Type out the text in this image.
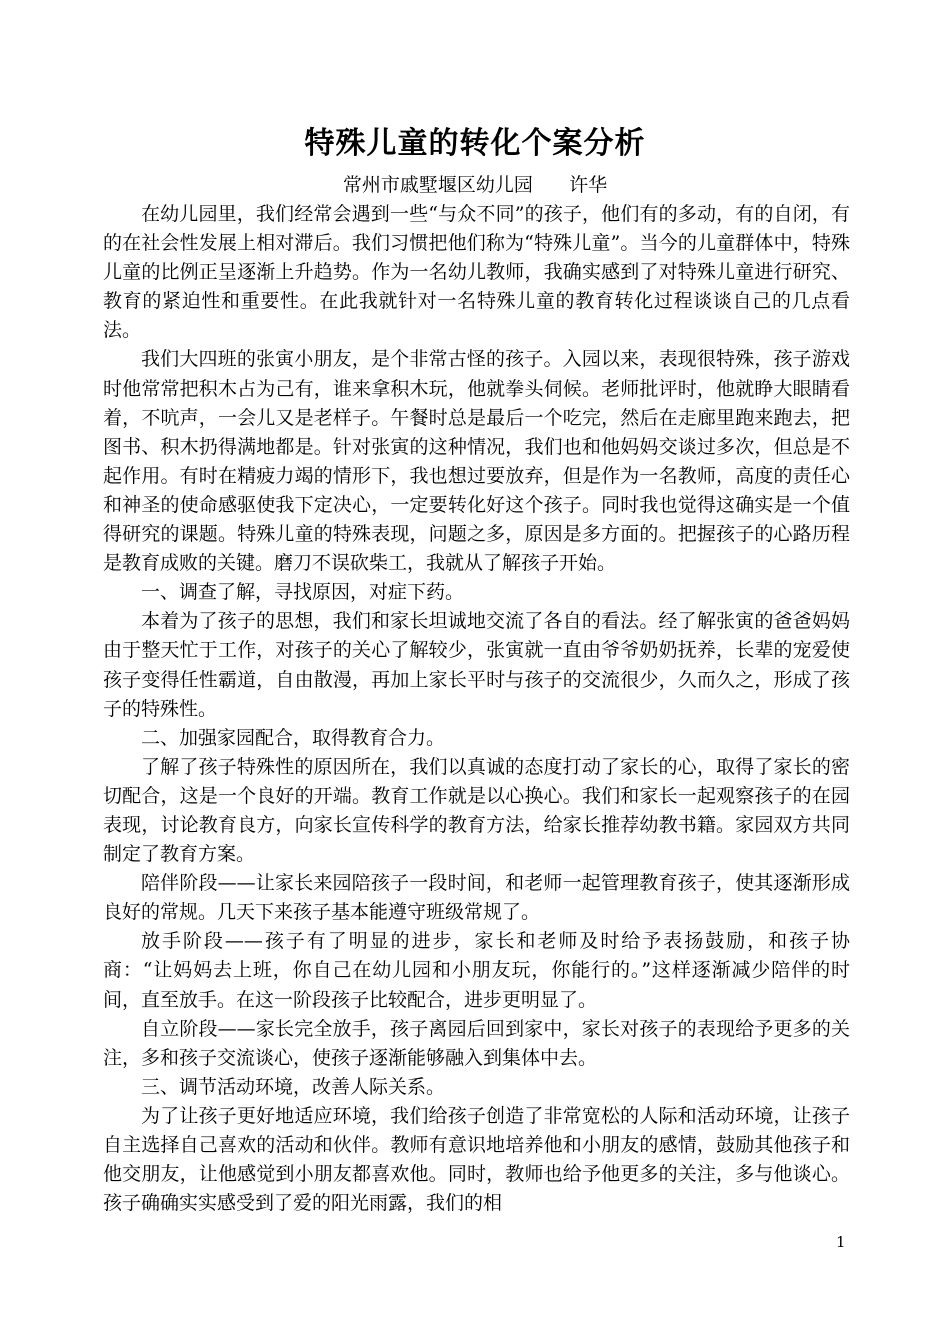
特殊儿童的转化个案分析
常州市戚墅堰区幼儿园      许华

在幼儿园里，我们经常会遇到一些“与众不同”的孩子，他们有的多动，有的自闭，有的在社会性发展上相对滞后。我们习惯把他们称为“特殊儿童”。当今的儿童群体中，特殊儿童的比例正呈逐渐上升趋势。作为一名幼儿教师，我确实感到了对特殊儿童进行研究、教育的紧迫性和重要性。在此我就针对一名特殊儿童的教育转化过程谈谈自己的几点看法。

我们大四班的张寅小朋友，是个非常古怪的孩子。入园以来，表现很特殊，孩子游戏时他常常把积木占为己有，谁来拿积木玩，他就拳头伺候。老师批评时，他就睁大眼睛看着，不吭声，一会儿又是老样子。午餐时总是最后一个吃完，然后在走廊里跑来跑去，把图书、积木扔得满地都是。针对张寅的这种情况，我们也和他妈妈交谈过多次，但总是不起作用。有时在精疲力竭的情形下，我也想过要放弃，但是作为一名教师，高度的责任心和神圣的使命感驱使我下定决心，一定要转化好这个孩子。同时我也觉得这确实是一个值得研究的课题。特殊儿童的特殊表现，问题之多，原因是多方面的。把握孩子的心路历程是教育成败的关键。磨刀不误砍柴工，我就从了解孩子开始。

一、调查了解，寻找原因，对症下药。

本着为了孩子的思想，我们和家长坦诚地交流了各自的看法。经了解张寅的爸爸妈妈由于整天忙于工作，对孩子的关心了解较少，张寅就一直由爷爷奶奶抚养，长辈的宠爱使孩子变得任性霸道，自由散漫，再加上家长平时与孩子的交流很少，久而久之，形成了孩子的特殊性。

二、加强家园配合，取得教育合力。

了解了孩子特殊性的原因所在，我们以真诚的态度打动了家长的心，取得了家长的密切配合，这是一个良好的开端。教育工作就是以心换心。我们和家长一起观察孩子的在园表现，讨论教育良方，向家长宣传科学的教育方法，给家长推荐幼教书籍。家园双方共同制定了教育方案。

陪伴阶段——让家长来园陪孩子一段时间，和老师一起管理教育孩子，使其逐渐形成良好的常规。几天下来孩子基本能遵守班级常规了。

放手阶段——孩子有了明显的进步，家长和老师及时给予表扬鼓励，和孩子协商：“让妈妈去上班，你自己在幼儿园和小朋友玩，你能行的。”这样逐渐减少陪伴的时间，直至放手。在这一阶段孩子比较配合，进步更明显了。

自立阶段——家长完全放手，孩子离园后回到家中，家长对孩子的表现给予更多的关注，多和孩子交流谈心，使孩子逐渐能够融入到集体中去。

三、调节活动环境，改善人际关系。

为了让孩子更好地适应环境，我们给孩子创造了非常宽松的人际和活动环境，让孩子自主选择自己喜欢的活动和伙伴。教师有意识地培养他和小朋友的感情，鼓励其他孩子和他交朋友，让他感觉到小朋友都喜欢他。同时，教师也给予他更多的关注，多与他谈心。孩子确确实实感受到了爱的阳光雨露，我们的相

1
